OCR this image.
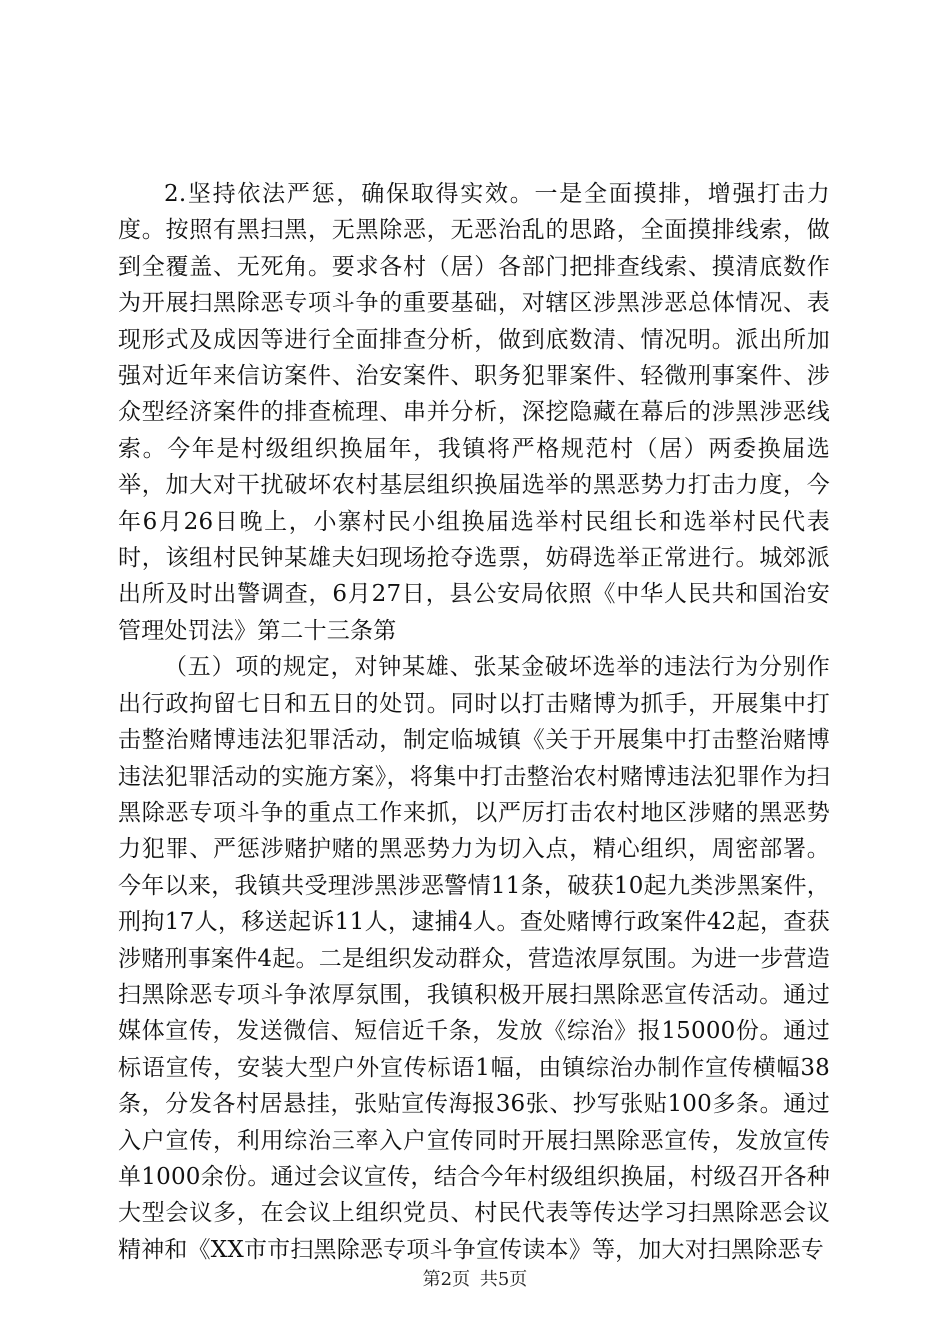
2.坚持依法严惩，确保取得实效。一是全面摸排，增强打击力度。按照有黑扫黑，无黑除恶，无恶治乱的思路，全面摸排线索，做到全覆盖、无死角。要求各村（居）各部门把排查线索、摸清底数作为开展扫黑除恶专项斗争的重要基础，对辖区涉黑涉恶总体情况、表现形式及成因等进行全面排查分析，做到底数清、情况明。派出所加强对近年来信访案件、治安案件、职务犯罪案件、轻微刑事案件、涉众型经济案件的排查梳理、串并分析，深挖隐藏在幕后的涉黑涉恶线索。今年是村级组织换届年，我镇将严格规范村（居）两委换届选举，加大对干扰破坏农村基层组织换届选举的黑恶势力打击力度，今年6月26日晚上，小寨村民小组换届选举村民组长和选举村民代表时，该组村民钟某雄夫妇现场抢夺选票，妨碍选举正常进行。城郊派出所及时出警调查，6月27日，县公安局依照《中华人民共和国治安管理处罚法》第二十三条第

（五）项的规定，对钟某雄、张某金破坏选举的违法行为分别作出行政拘留七日和五日的处罚。同时以打击赌博为抓手，开展集中打击整治赌博违法犯罪活动，制定临城镇《关于开展集中打击整治赌博违法犯罪活动的实施方案》，将集中打击整治农村赌博违法犯罪作为扫黑除恶专项斗争的重点工作来抓，以严厉打击农村地区涉赌的黑恶势力犯罪、严惩涉赌护赌的黑恶势力为切入点，精心组织，周密部署。今年以来，我镇共受理涉黑涉恶警情11条，破获10起九类涉黑案件，刑拘17人，移送起诉11人，逮捕4人。查处赌博行政案件42起，查获涉赌刑事案件4起。二是组织发动群众，营造浓厚氛围。为进一步营造扫黑除恶专项斗争浓厚氛围，我镇积极开展扫黑除恶宣传活动。通过媒体宣传，发送微信、短信近千条，发放《综治》报15000份。通过标语宣传，安装大型户外宣传标语1幅，由镇综治办制作宣传横幅38条，分发各村居悬挂，张贴宣传海报36张、抄写张贴100多条。通过入户宣传，利用综治三率入户宣传同时开展扫黑除恶宣传，发放宣传单1000余份。通过会议宣传，结合今年村级组织换届，村级召开各种大型会议多，在会议上组织党员、村民代表等传达学习扫黑除恶会议精神和《XX市市扫黑除恶专项斗争宣传读本》等，加大对扫黑除恶专

第2页 共5页
